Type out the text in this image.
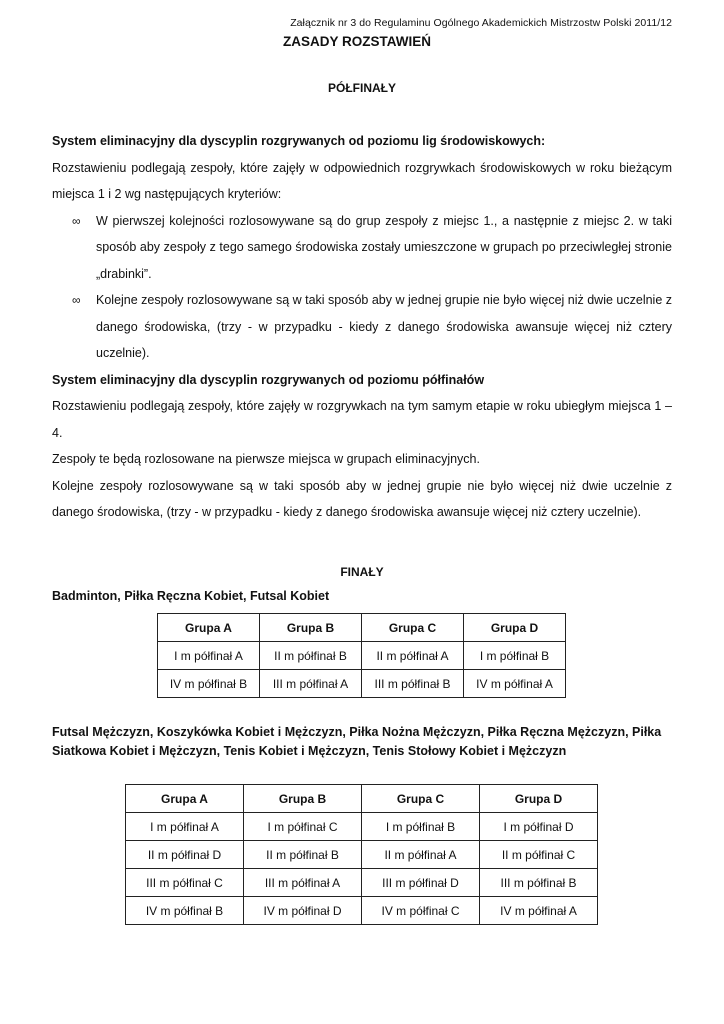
Załącznik nr 3 do Regulaminu Ogólnego Akademickich Mistrzostw Polski 2011/12
ZASADY ROZSTAWIEŃ
PÓŁFINAŁY

System eliminacyjny dla dyscyplin rozgrywanych od poziomu lig środowiskowych:

Rozstawieniu podlegają zespoły, które zajęły w odpowiednich rozgrywkach środowiskowych w roku bieżącym miejsca 1 i 2 wg następujących kryteriów:

∞	W pierwszej kolejności rozlosowywane są do grup zespoły z miejsc 1., a następnie z miejsc 2. w taki sposób aby zespoły z tego samego środowiska zostały umieszczone w grupach po przeciwległej stronie „drabinki”.
∞	Kolejne zespoły rozlosowywane są w taki sposób aby w jednej grupie nie było więcej niż dwie uczelnie z danego środowiska, (trzy - w przypadku - kiedy z danego środowiska awansuje więcej niż cztery uczelnie).

System eliminacyjny dla dyscyplin rozgrywanych od poziomu półfinałów

Rozstawieniu podlegają zespoły, które zajęły w rozgrywkach na tym samym etapie w roku ubiegłym miejsca 1 – 4.

Zespoły te będą rozlosowane na pierwsze miejsca w grupach eliminacyjnych.

Kolejne zespoły rozlosowywane są w taki sposób aby w jednej grupie nie było więcej niż dwie uczelnie z danego środowiska, (trzy - w przypadku - kiedy z danego środowiska awansuje więcej niż cztery uczelnie).

FINAŁY
Badminton, Piłka Ręczna Kobiet, Futsal Kobiet
Grupa A	Grupa B	Grupa C	Grupa D
I m półfinał A	II m półfinał B	II m półfinał A	I m półfinał B
IV m półfinał B	III m półfinał A	III m półfinał B	IV m półfinał A
Futsal Mężczyzn, Koszykówka Kobiet i Mężczyzn, Piłka Nożna Mężczyzn, Piłka Ręczna Mężczyzn, Piłka
Siatkowa Kobiet i Mężczyzn, Tenis Kobiet i Mężczyzn, Tenis Stołowy Kobiet i Mężczyzn
Grupa A	Grupa B	Grupa C	Grupa D
I m półfinał A	I m półfinał C	I m półfinał B	I m półfinał D
II m półfinał D	II m półfinał B	II m półfinał A	II m półfinał C
III m półfinał C	III m półfinał A	III m półfinał D	III m półfinał B
IV m półfinał B	IV m półfinał D	IV m półfinał C	IV m półfinał A
